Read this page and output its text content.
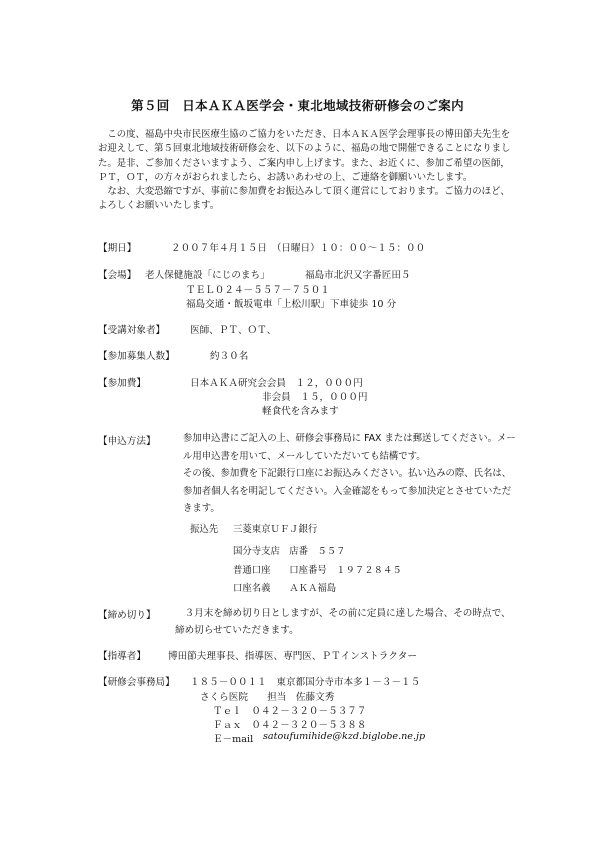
第５回　日本ＡＫＡ医学会・東北地域技術研修会のご案内

　この度、福島中央市民医療生協のご協力をいただき、日本ＡＫＡ医学会理事長の博田節夫先生をお迎えして、第５回東北地域技術研修会を、以下のように、福島の地で開催できることになりました。是非、ご参加くださいますよう、ご案内申し上げます。また、お近くに、参加ご希望の医師，ＰＴ，ＯＴ，の方々がおられましたら、お誘いあわせの上、ご連絡を御願いいたします。

　なお、大変恐縮ですが、事前に参加費をお振込みして頂く運営にしております。ご協力のほど、よろしくお願いいたします。

【期日】	２００７年４月１５日　（日曜日）１０：００～１５：００
【会場】 老人保健施設「にじのまち」	福島市北沢又字番匠田５
ＴＥＬ０２４－５５７－７５０１
福島交通・飯坂電車「上松川駅」下車徒歩 10 分
【受講対象者】	医師、ＰＴ、ＯＴ、
【参加募集人数】	約３０名
【参加費】	日本ＡＫＡ研究会会員　１２，０００円
非会員　１５，０００円
軽食代を含みます
【申込方法】	参加申込書にご記入の上、研修会事務局に FAX または郵送してください。メール用申込書を用いて、メールしていただいても結構です。

その後、参加費を下記銀行口座にお振込みください。払い込みの際、氏名は、参加者個人名を明記してください。入金確認をもって参加決定とさせていただきます。

振込先 三菱東京ＵＦＪ銀行
国分寺支店　店番　５５７
普通口座　　口座番号　１９７２８４５
口座名義　　ＡＫＡ福島
【締め切り】

　	３月末を締め切り日としますが、その前に定員に達した場合、その時点で、締め切らせていただきます。

【指導者】 博田節夫理事長、指導医、専門医、ＰＴインストラクター
【研修会事務局】 １８５－００１１　東京都国分寺市本多１－３－１５
さくら医院　　担当　佐藤文秀
Ｔｅｌ　０４２－３２０－５３７７
Ｆａｘ　０４２－３２０－５３８８
Ｅ－mail satoufumihide@kzd.biglobe.ne.jp
